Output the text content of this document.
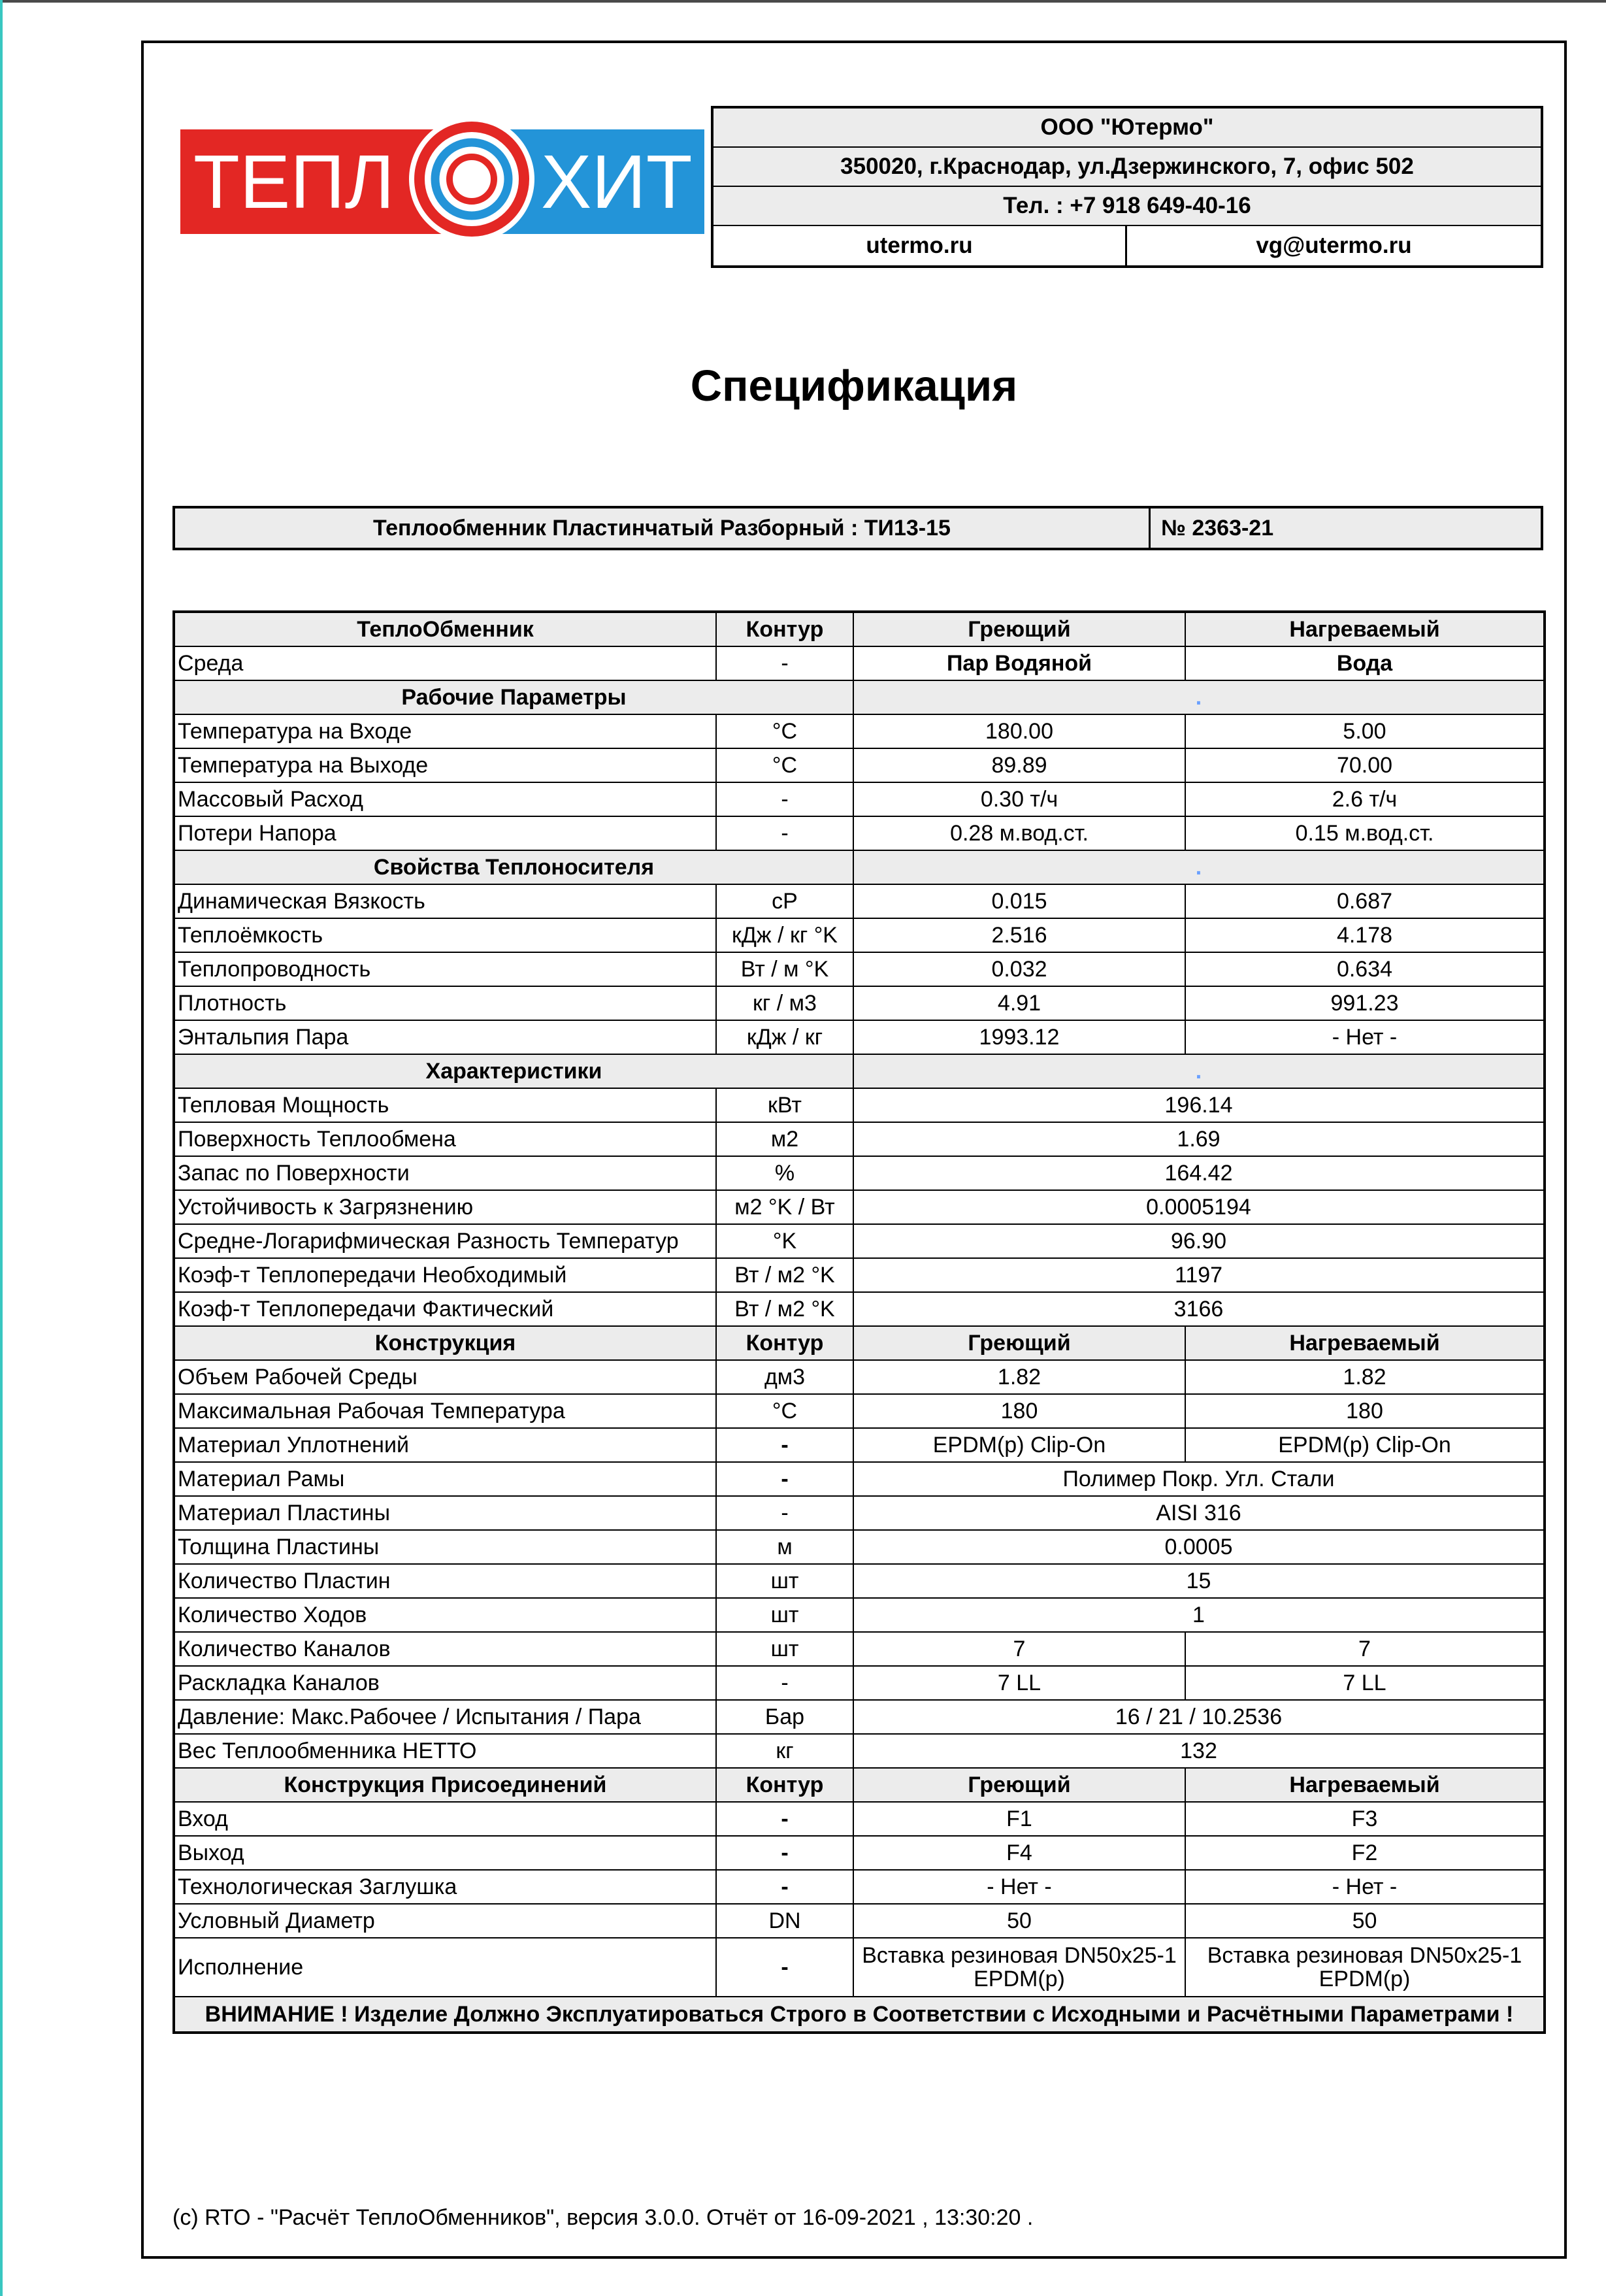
ТЕПЛ ХИТ
ООО "Ютермо"
350020, г.Краснодар, ул.Дзержинского, 7, офис 502
Тел. : +7 918 649-40-16
utermo.ru	vg@utermo.ru
Спецификация
Теплообменник Пластинчатый Разборный : ТИ13-15	№ 2363-21
ТеплоОбменник	Контур	Греющий	Нагреваемый
Среда	-	Пар Водяной	Вода
Рабочие Параметры		.	
Температура на Входе	°C	180.00	5.00
Температура на Выходе	°C	89.89	70.00
Массовый Расход	-	0.30 т/ч	2.6 т/ч
Потери Напора	-	0.28 м.вод.ст.	0.15 м.вод.ст.
Свойства Теплоносителя		.	
Динамическая Вязкость	cP	0.015	0.687
Теплоёмкость	кДж / кг °K	2.516	4.178
Теплопроводность	Вт / м °K	0.032	0.634
Плотность	кг / м3	4.91	991.23
Энтальпия Пара	кДж / кг	1993.12	- Нет -
Характеристики		.	
Тепловая Мощность	кВт	196.14	
Поверхность Теплообмена	м2	1.69	
Запас по Поверхности	%	164.42	
Устойчивость к Загрязнению	м2 °K / Вт	0.0005194	
Средне-Логарифмическая Разность Температур	°K	96.90	
Коэф-т Теплопередачи Необходимый	Вт / м2 °K	1197	
Коэф-т Теплопередачи Фактический	Вт / м2 °K	3166	
Конструкция	Контур	Греющий	Нагреваемый
Объем Рабочей Среды	дм3	1.82	1.82
Максимальная Рабочая Температура	°C	180	180
Материал Уплотнений	-	EPDM(p) Clip-On	EPDM(p) Clip-On
Материал Рамы	-	Полимер Покр. Угл. Стали	
Материал Пластины	-	AISI 316	
Толщина Пластины	м	0.0005	
Количество Пластин	шт	15	
Количество Ходов	шт	1	
Количество Каналов	шт	7	7
Раскладка Каналов	-	7 LL	7 LL
Давление: Макс.Рабочее / Испытания / Пара	Бар	16 / 21 / 10.2536	
Вес Теплообменника НЕТТО	кг	132	
Конструкция Присоединений	Контур	Греющий	Нагреваемый
Вход	-	F1	F3
Выход	-	F4	F2
Технологическая Заглушка	-	- Нет -	- Нет -
Условный Диаметр	DN	50	50
Исполнение	-	Вставка резиновая DN50x25-1 EPDM(p)	Вставка резиновая DN50x25-1 EPDM(p)
ВНИМАНИЕ ! Изделие Должно Эксплуатироваться Строго в Соответствии с Исходными и Расчётными Параметрами !			
(c) RTO - "Расчёт ТеплоОбменников", версия 3.0.0. Отчёт от 16-09-2021 , 13:30:20 .
